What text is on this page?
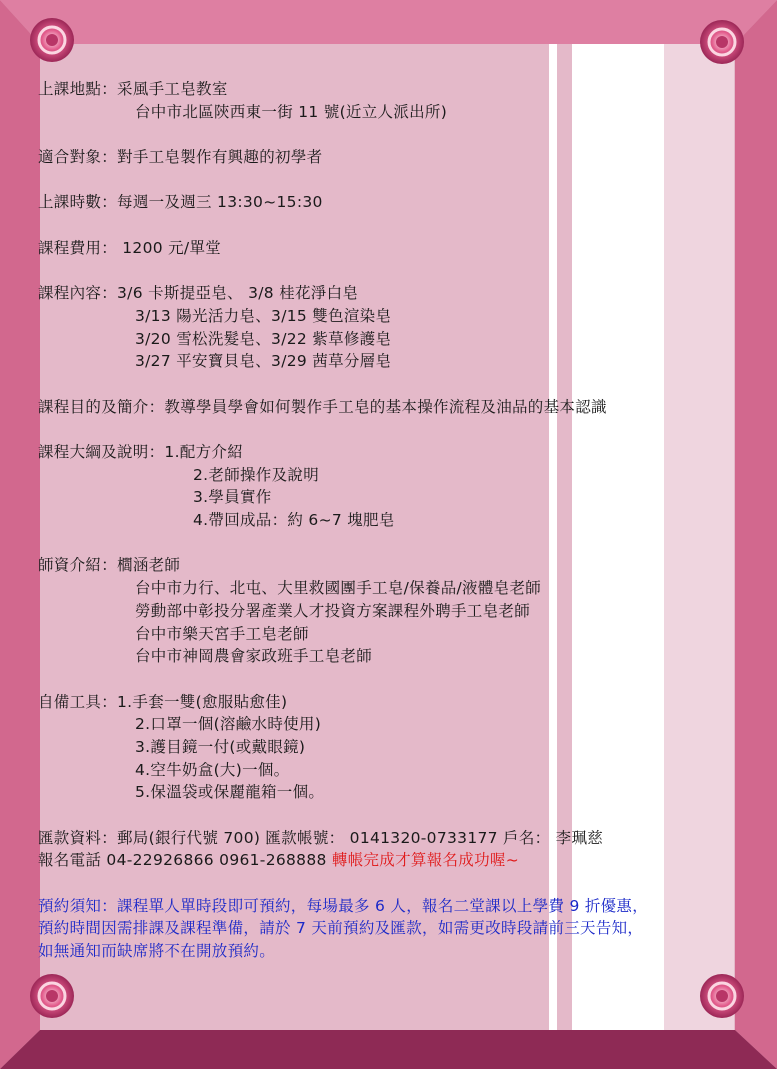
上課地點：采風手工皂教室
台中市北區陝西東一街 11 號(近立人派出所)
適合對象：對手工皂製作有興趣的初學者
上課時數：每週一及週三 13:30~15:30
課程費用： 1200 元/單堂
課程內容：3/6 卡斯提亞皂、 3/8 桂花淨白皂
3/13 陽光活力皂、3/15 雙色渲染皂
3/20 雪松洗髮皂、3/22 紫草修護皂
3/27 平安寶貝皂、3/29 茜草分層皂
課程目的及簡介：教導學員學會如何製作手工皂的基本操作流程及油品的基本認識
課程大綱及說明：1.配方介紹
2.老師操作及說明
3.學員實作
4.帶回成品：約 6~7 塊肥皂
師資介紹：櫚涵老師
台中市力行、北屯、大里救國團手工皂/保養品/液體皂老師
勞動部中彰投分署產業人才投資方案課程外聘手工皂老師
台中市樂天宮手工皂老師
台中市神岡農會家政班手工皂老師
自備工具：1.手套一雙(愈服貼愈佳)
2.口罩一個(溶鹼水時使用)
3.護目鏡一付(或戴眼鏡)
4.空牛奶盒(大)一個。
5.保溫袋或保麗龍箱一個。
匯款資料：郵局(銀行代號 700) 匯款帳號： 0141320-0733177 戶名： 李珮慈
報名電話 04-22926866 0961-268888 轉帳完成才算報名成功喔~
預約須知：課程單人單時段即可預約，每場最多 6 人，報名二堂課以上學費 9 折優惠，
預約時間因需排課及課程準備，請於 7 天前預約及匯款，如需更改時段請前三天告知，
如無通知而缺席將不在開放預約。
